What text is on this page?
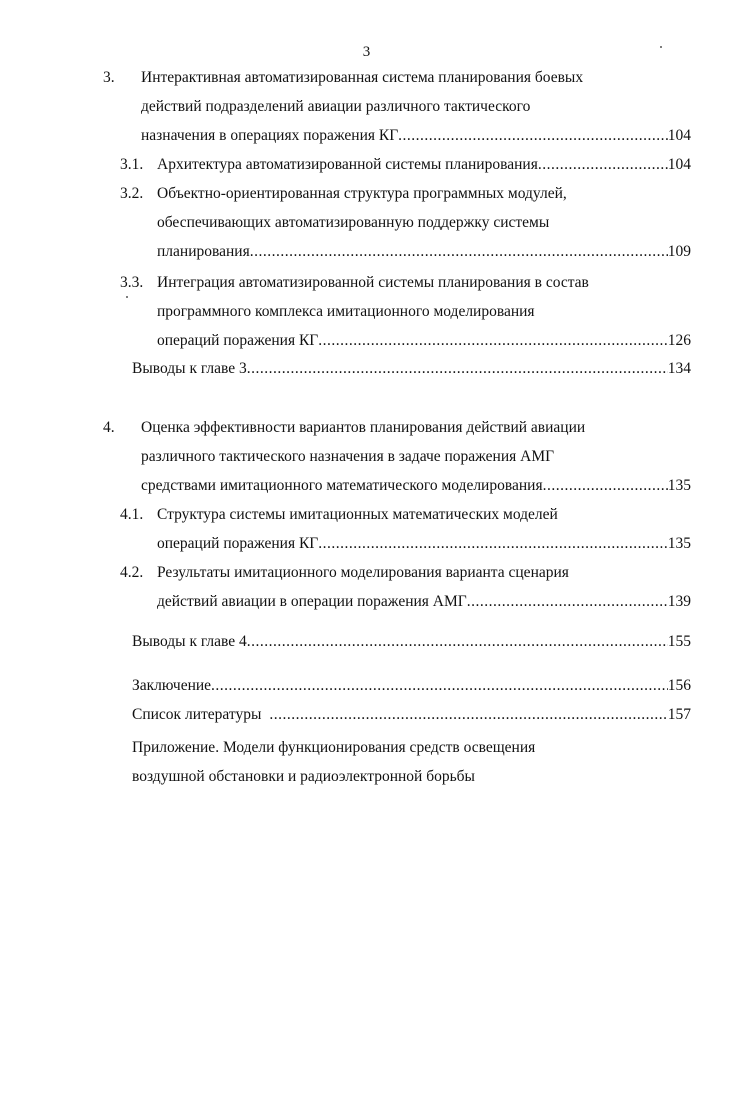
3
3. Интерактивная автоматизированная система планирования боевых
действий подразделений авиации различного тактического
назначения в операциях поражения КГ .....	104
3.1. Архитектура автоматизированной системы планирования .....	104
3.2. Объектно-ориентированная структура программных модулей,
обеспечивающих автоматизированную поддержку системы
планирования .....	109
3.3. Интеграция автоматизированной системы планирования в состав
программного комплекса имитационного моделирования
операций поражения КГ .....	126
Выводы к главе 3 .....	134
4. Оценка эффективности вариантов планирования действий авиации
различного тактического назначения в задаче поражения АМГ
средствами имитационного математического моделирования .....	135
4.1. Структура системы имитационных математических моделей
операций поражения КГ .....	135
4.2. Результаты имитационного моделирования варианта сценария
действий авиации в операции поражения АМГ .....	139
Выводы к главе 4 .....	155
Заключение .....	156
Список литературы .....	157
Приложение. Модели функционирования средств освещения
воздушной обстановки и радиоэлектронной борьбы
